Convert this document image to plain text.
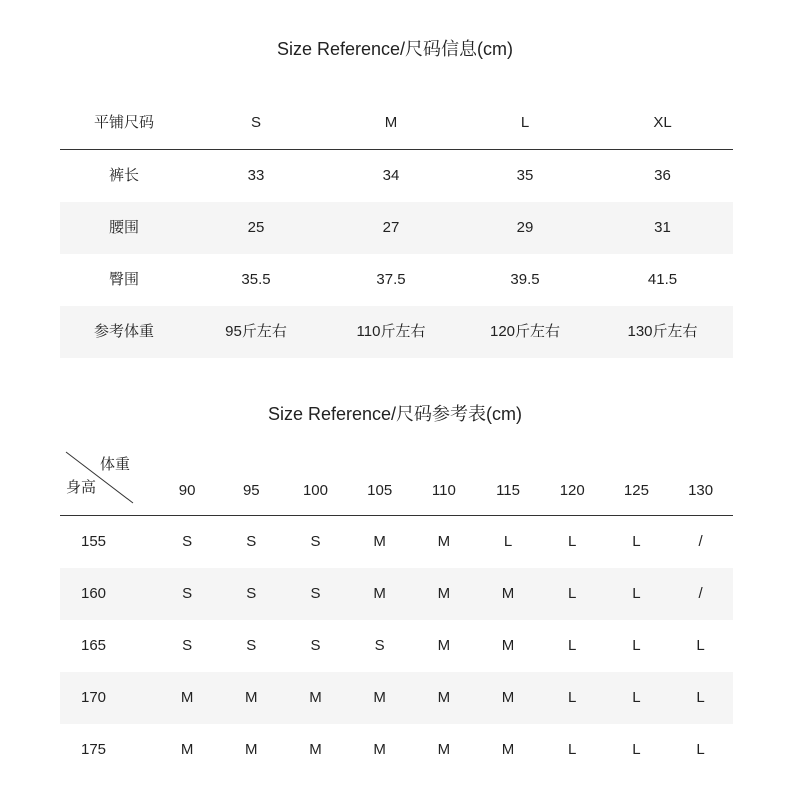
Size Reference/尺码信息(cm)
平铺尺码	S	M	L	XL
裤长	33	34	35	36
腰围	25	27	29	31
臀围	35.5	37.5	39.5	41.5
参考体重	95斤左右	110斤左右	120斤左右	130斤左右
Size Reference/尺码参考表(cm)
体重
身高	90	95	100	105	110	115	120	125	130
155	S	S	S	M	M	L	L	L	/
160	S	S	S	M	M	M	L	L	/
165	S	S	S	S	M	M	L	L	L
170	M	M	M	M	M	M	L	L	L
175	M	M	M	M	M	M	L	L	L
